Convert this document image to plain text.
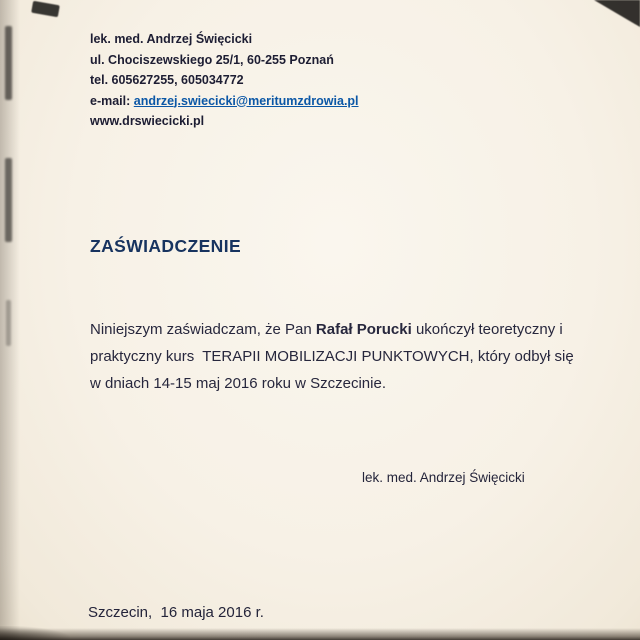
lek. med. Andrzej Święcicki
ul. Chociszewskiego 25/1, 60-255 Poznań
tel. 605627255, 605034772
e-mail: andrzej.swiecicki@meritumzdrowia.pl
www.drswiecicki.pl
ZAŚWIADCZENIE

Niniejszym zaświadczam, że Pan Rafał Porucki ukończył teoretyczny i praktyczny kurs  TERAPII MOBILIZACJI PUNKTOWYCH, który odbył się w dniach 14-15 maj 2016 roku w Szczecinie.

lek. med. Andrzej Święcicki
Szczecin,  16 maja 2016 r.
